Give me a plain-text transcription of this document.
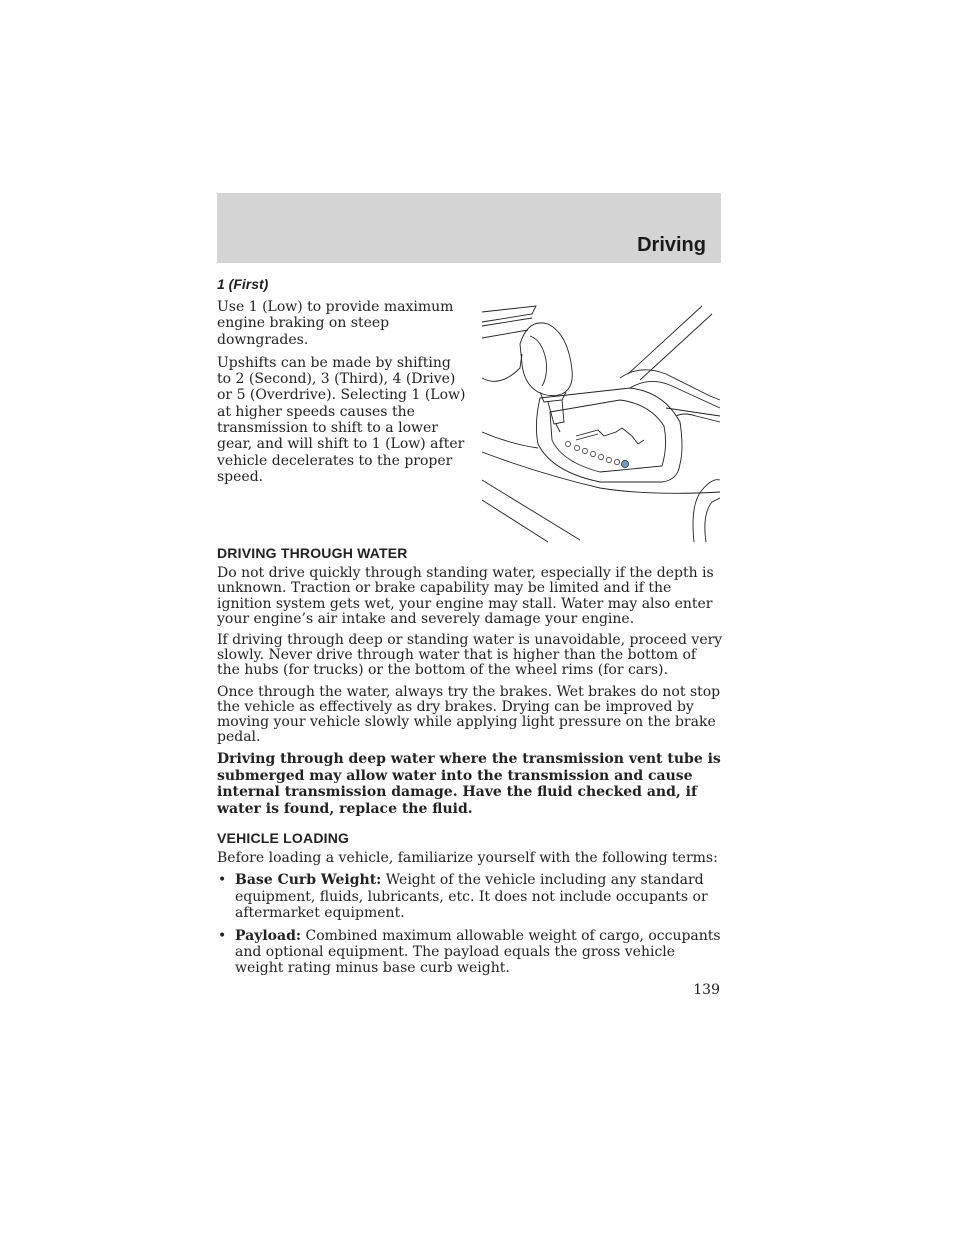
Driving
1 (First)

Use 1 (Low) to provide maximum engine braking on steep downgrades.

Upshifts can be made by shifting to 2 (Second), 3 (Third), 4 (Drive) or 5 (Overdrive). Selecting 1 (Low) at higher speeds causes the transmission to shift to a lower gear, and will shift to 1 (Low) after vehicle decelerates to the proper speed.

DRIVING THROUGH WATER

Do not drive quickly through standing water, especially if the depth is unknown. Traction or brake capability may be limited and if the ignition system gets wet, your engine may stall. Water may also enter your engine’s air intake and severely damage your engine.

If driving through deep or standing water is unavoidable, proceed very slowly. Never drive through water that is higher than the bottom of the hubs (for trucks) or the bottom of the wheel rims (for cars).

Once through the water, always try the brakes. Wet brakes do not stop the vehicle as effectively as dry brakes. Drying can be improved by moving your vehicle slowly while applying light pressure on the brake pedal.

Driving through deep water where the transmission vent tube is submerged may allow water into the transmission and cause internal transmission damage. Have the fluid checked and, if water is found, replace the fluid.

VEHICLE LOADING

Before loading a vehicle, familiarize yourself with the following terms:

• Base Curb Weight: Weight of the vehicle including any standard equipment, fluids, lubricants, etc. It does not include occupants or aftermarket equipment.
• Payload: Combined maximum allowable weight of cargo, occupants and optional equipment. The payload equals the gross vehicle weight rating minus base curb weight.
139
